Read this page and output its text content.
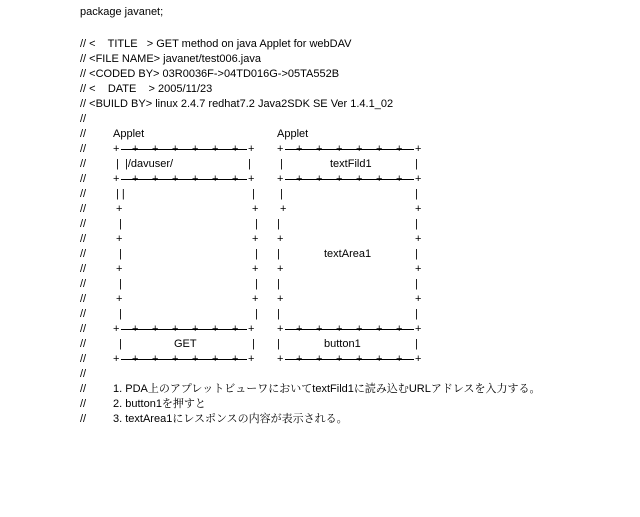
package javanet;
// <    TITLE   > GET method on java Applet for webDAV
// <FILE NAME> javanet/test006.java
// <CODED BY> 03R0036F->04TD016G->05TA552B
// <    DATE    > 2005/11/23
// <BUILD BY> linux 2.4.7 redhat7.2 Java2SDK SE Ver 1.4.1_02
//

//

Applet

	Applet

//

+

+ + + + + +

+

+

+ + + + + +

+

//

	|

|/davuser/

	|

	|

	textFild1

	|

//

+

+ + + + + +

+

+

+ + + + + +

+

//

	| |

	|

|

	|

//

	+

	+

+

	+

//

	|

	|

|

	|

//

	+

	+

+

	+

//

	|

	|

|

	textArea1

	|

//

	+

	+

+

	+

//

	|

	|

|

	|

//

	+

	+

+

	+

//

	|

	|

|

	|

//

+

+ + + + + +

+

+

+ + + + + +

+

//

	|

	GET

	|

|

	button1

	|

//

+

+ + + + + +

+

+

+ + + + + +

+

//

//

1. PDA上のアプレットビューワにおいてtextFild1に読み込むURLアドレスを入力する。

//

2. button1を押すと

//

3. textArea1にレスポンスの内容が表示される。
